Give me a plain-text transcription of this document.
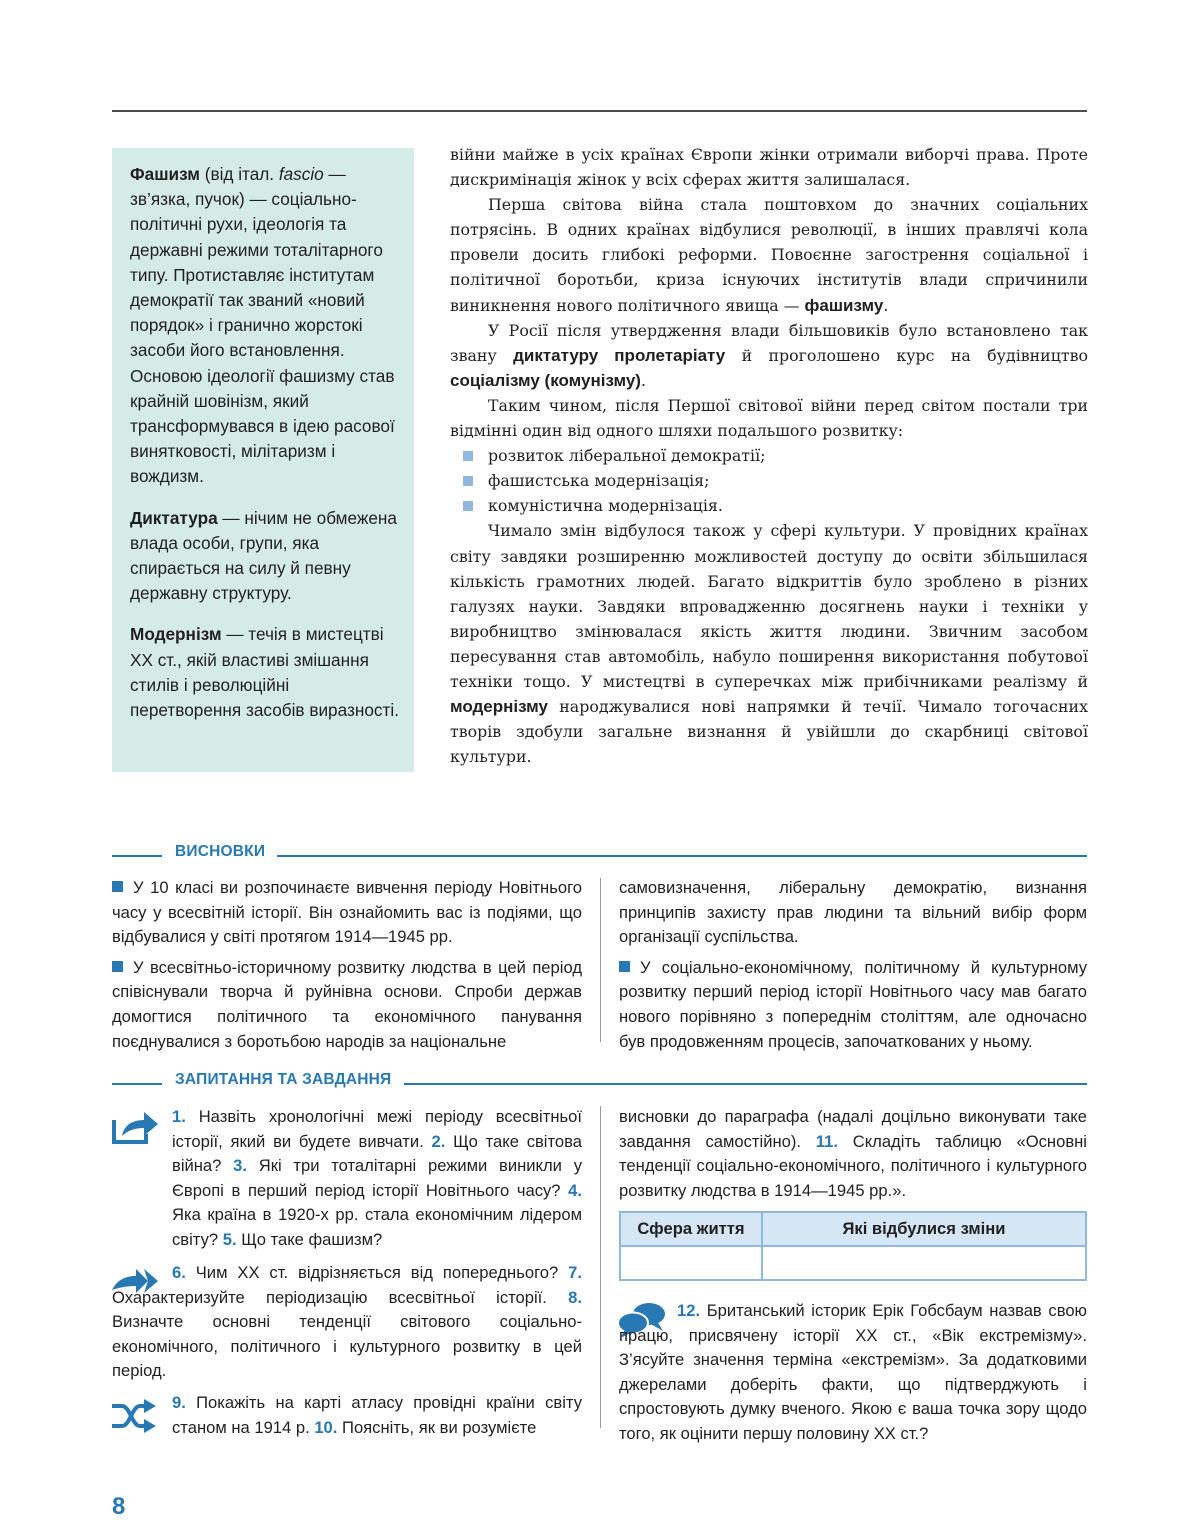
Фашизм (від італ. fascio — зв’язка, пучок) — соціально-політичні рухи, ідеологія та державні режими тоталітарного типу. Протиставляє інститутам демократії так званий «новий порядок» і гранично жорстокі засоби його встановлення. Основою ідеології фашизму став крайній шовінізм, який трансформувався в ідею расової винятковості, мілітаризм і вождизм.

Диктатура — нічим не обмежена влада особи, групи, яка спирається на силу й певну державну структуру.

Модернізм — течія в мистецтві ХХ ст., якій властиві змішання стилів і революційні перетворення засобів виразності.

війни майже в усіх країнах Європи жінки отримали виборчі права. Проте дискримінація жінок у всіх сферах життя залишалася.

Перша світова війна стала поштовхом до значних соціальних потрясінь. В одних країнах відбулися революції, в інших правлячі кола провели досить глибокі реформи. Повоєнне загострення соціальної і політичної боротьби, криза існуючих інститутів влади спричинили виникнення нового політичного явища — фашизму.

У Росії після утвердження влади більшовиків було встановлено так звану диктатуру пролетаріату й проголошено курс на будівництво соціалізму (комунізму).

Таким чином, після Першої світової війни перед світом постали три відмінні один від одного шляхи подальшого розвитку:

розвиток ліберальної демократії;
фашистська модернізація;
комуністична модернізація.

Чимало змін відбулося також у сфері культури. У провідних країнах світу завдяки розширенню можливостей доступу до освіти збільшилася кількість грамотних людей. Багато відкриттів було зроблено в різних галузях науки. Завдяки впровадженню досягнень науки і техніки у виробництво змінювалася якість життя людини. Звичним засобом пересування став автомобіль, набуло поширення використання побутової техніки тощо. У мистецтві в суперечках між прибічниками реалізму й модернізму народжувалися нові напрямки й течії. Чимало тогочасних творів здобули загальне визнання й увійшли до скарбниці світової культури.

ВИСНОВКИ

У 10 класі ви розпочинаєте вивчення періоду Новітнього часу у всесвітній історії. Він ознайомить вас із подіями, що відбувалися у світі протягом 1914—1945 рр.

У всесвітньо-історичному розвитку людства в цей період співіснували творча й руйнівна основи. Спроби держав домогтися політичного та економічного панування поєднувалися з боротьбою народів за національне

самовизначення, ліберальну демократію, визнання принципів захисту прав людини та вільний вибір форм організації суспільства.

У соціально-економічному, політичному й культурному розвитку перший період історії Новітнього часу мав багато нового порівняно з попереднім століттям, але одночасно був продовженням процесів, започаткованих у ньому.

ЗАПИТАННЯ ТА ЗАВДАННЯ
1. Назвіть хронологічні межі періоду всесвітньої історії, який ви будете вивчати. 2. Що таке світова війна? 3. Які три тоталітарні режими виникли у Європі в перший період історії Новітнього часу? 4. Яка країна в 1920-х рр. стала економічним лідером світу? 5. Що таке фашизм?
6. Чим ХХ ст. відрізняється від попереднього? 7. Охарактеризуйте періодизацію всесвітньої історії. 8. Визначте основні тенденції світового соціально-економічного, політичного і культурного розвитку в цей період.
9. Покажіть на карті атласу провідні країни світу станом на 1914 р. 10. Поясніть, як ви розумієте
висновки до параграфа (надалі доцільно виконувати таке завдання самостійно). 11. Складіть таблицю «Основні тенденції соціально-економічного, політичного і культурного розвитку людства в 1914—1945 рр.».
Сфера життя	Які відбулися зміни

12. Британський історик Ерік Гобсбаум назвав свою працю, присвячену історії ХХ ст., «Вік екстремізму». З’ясуйте значення терміна «екстремізм». За додатковими джерелами доберіть факти, що підтверджують і спростовують думку вченого. Якою є ваша точка зору щодо того, як оцінити першу половину ХХ ст.?
8
